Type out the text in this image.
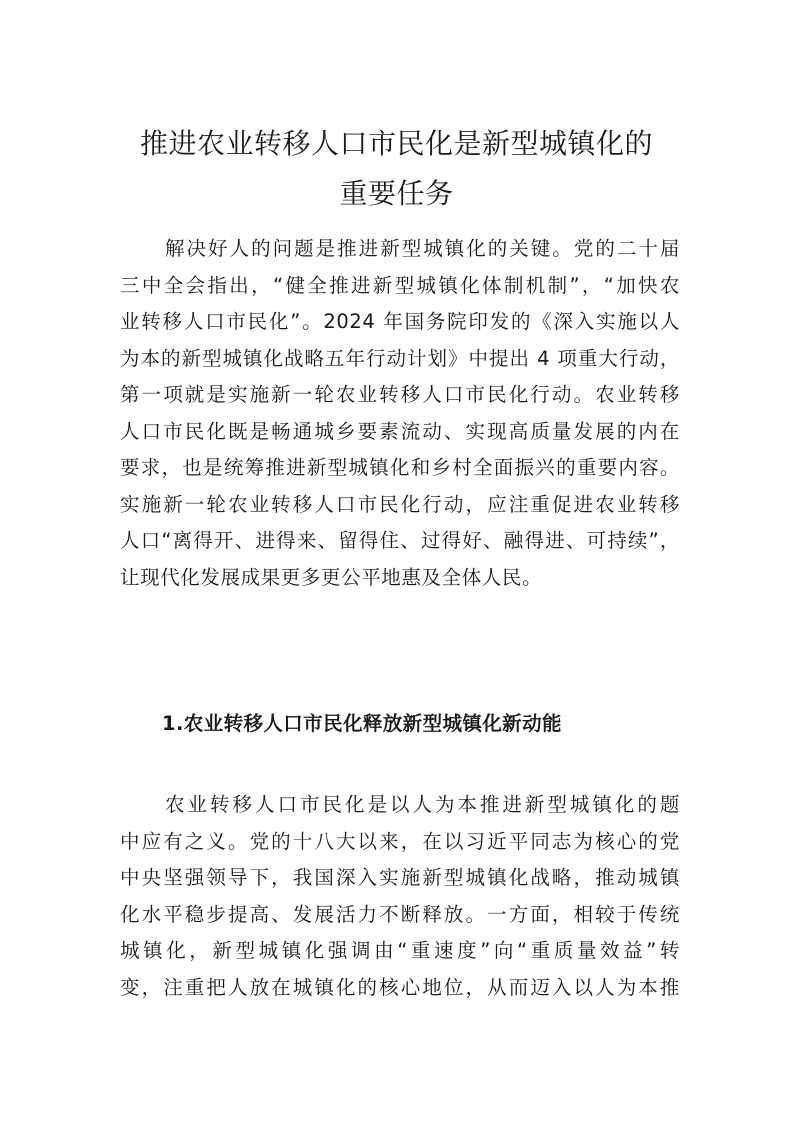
推进农业转移人口市民化是新型城镇化的
重要任务
解决好人的问题是推进新型城镇化的关键。党的二十届
三中全会指出，“健全推进新型城镇化体制机制”，“加快农
业转移人口市民化”。2024 年国务院印发的《深入实施以人
为本的新型城镇化战略五年行动计划》中提出 4 项重大行动，
第一项就是实施新一轮农业转移人口市民化行动。农业转移
人口市民化既是畅通城乡要素流动、实现高质量发展的内在
要求，也是统筹推进新型城镇化和乡村全面振兴的重要内容。
实施新一轮农业转移人口市民化行动，应注重促进农业转移
人口“离得开、进得来、留得住、过得好、融得进、可持续”，
让现代化发展成果更多更公平地惠及全体人民。
1.农业转移人口市民化释放新型城镇化新动能
农业转移人口市民化是以人为本推进新型城镇化的题
中应有之义。党的十八大以来，在以习近平同志为核心的党
中央坚强领导下，我国深入实施新型城镇化战略，推动城镇
化水平稳步提高、发展活力不断释放。一方面，相较于传统
城镇化，新型城镇化强调由“重速度”向“重质量效益”转
变，注重把人放在城镇化的核心地位，从而迈入以人为本推
